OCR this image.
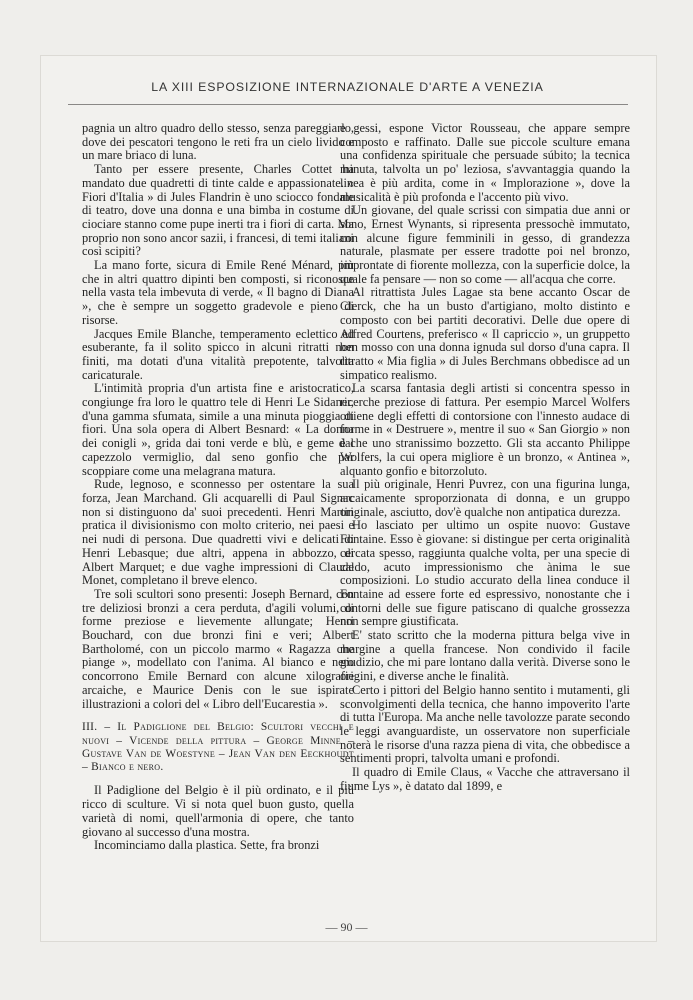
LA XIII ESPOSIZIONE INTERNAZIONALE D'ARTE A VENEZIA

pagnia un altro quadro dello stesso, senza pareggiarlo, dove dei pescatori tengono le reti fra un cielo livido e un mare briaco di luna.

Tanto per essere presente, Charles Cottet ha mandato due quadretti di tinte calde e appassionate. « Fiori d'Italia » di Jules Flandrin è uno sciocco fondale di teatro, dove una donna e una bimba in costume di ciociare stanno come pupe inerti tra i fiori di carta. Ma proprio non sono ancor sazii, i francesi, di temi italiani così scipiti?

La mano forte, sicura di Emile René Ménard, più che in altri quattro dipinti ben composti, si riconosce nella vasta tela imbevuta di verde, « Il bagno di Diana », che è sempre un soggetto gradevole e pieno di risorse.

Jacques Emile Blanche, temperamento eclettico ed esuberante, fa il solito spicco in alcuni ritratti non finiti, ma dotati d'una vitalità prepotente, talvolta caricaturale.

L'intimità propria d'un artista fine e aristocratico, congiunge fra loro le quattro tele di Henri Le Sidaner, d'una gamma sfumata, simile a una minuta pioggia di fiori. Una sola opera di Albert Besnard: « La donna dei conigli », grida dai toni verde e blù, e geme dal capezzolo vermiglio, dal seno gonfio che par scoppiare come una melagrana matura.

Rude, legnoso, e sconnesso per ostentare la sua forza, Jean Marchand. Gli acquarelli di Paul Signac non si distinguono da' suoi precedenti. Henri Martin pratica il divisionismo con molto criterio, nei paesi e nei nudi di persona. Due quadretti vivi e delicati di Henri Lebasque; due altri, appena in abbozzo, di Albert Marquet; e due vaghe impressioni di Claude Monet, completano il breve elenco.

Tre soli scultori sono presenti: Joseph Bernard, con tre deliziosi bronzi a cera perduta, d'agili volumi, di forme preziose e lievemente allungate; Henri Bouchard, con due bronzi fini e veri; Albert Bartholomé, con un piccolo marmo « Ragazza che piange », modellato con l'anima. Al bianco e nero concorrono Emile Bernard con alcune xilografie arcaiche, e Maurice Denis con le sue ispirate illustrazioni a colori del « Libro dell'Eucarestia ».

III. – Il Padiglione del Belgio: Scultori vecchi e nuovi – Vicende della pittura – George Minne – Gustave Van de Woestyne – Jean Van den Eeckhoudt – Bianco e nero.

Il Padiglione del Belgio è il più ordinato, e il più ricco di sculture. Vi si nota quel buon gusto, quella varietà di nomi, quell'armonia di opere, che tanto giovano al successo d'una mostra.

Incominciamo dalla plastica. Sette, fra bronzi

e gessi, espone Victor Rousseau, che appare sempre composto e raffinato. Dalle sue piccole sculture emana una confidenza spirituale che persuade súbito; la tecnica minuta, talvolta un po' leziosa, s'avvantaggia quando la linea è più ardita, come in « Implorazione », dove la musicalità è più profonda e l'accento più vivo.

Un giovane, del quale scrissi con simpatia due anni or sono, Ernest Wynants, si ripresenta pressochè immutato, con alcune figure femminili in gesso, di grandezza naturale, plasmate per essere tradotte poi nel bronzo, improntate di fiorente mollezza, con la superficie dolce, la quale fa pensare — non so come — all'acqua che corre.

Al ritrattista Jules Lagae sta bene accanto Oscar de Clerck, che ha un busto d'artigiano, molto distinto e composto con bei partiti decorativi. Delle due opere di Alfred Courtens, preferisco « Il capriccio », un gruppetto ben mosso con una donna ignuda sul dorso d'una capra. Il ritratto « Mia figlia » di Jules Berchmans obbedisce ad un simpatico realismo.

La scarsa fantasia degli artisti si concentra spesso in ricerche preziose di fattura. Per esempio Marcel Wolfers ottiene degli effetti di contorsione con l'innesto audace di forme in « Destruere », mentre il suo « San Giorgio » non è che uno stranissimo bozzetto. Gli sta accanto Philippe Wolfers, la cui opera migliore è un bronzo, « Antinea », alquanto gonfio e bitorzoluto.

Il più originale, Henri Puvrez, con una figurina lunga, arcaicamente sproporzionata di donna, e un gruppo originale, asciutto, dov'è qualche non antipatica durezza.

Ho lasciato per ultimo un ospite nuovo: Gustave Fontaine. Esso è giovane: si distingue per certa originalità cercata spesso, raggiunta qualche volta, per una specie di caldo, acuto impressionismo che ànima le sue composizioni. Lo studio accurato della linea conduce il Fontaine ad essere forte ed espressivo, nonostante che i contorni delle sue figure patiscano di qualche grossezza non sempre giustificata.

E' stato scritto che la moderna pittura belga vive in margine a quella francese. Non condivido il facile giudizio, che mi pare lontano dalla verità. Diverse sono le origini, e diverse anche le finalità.

Certo i pittori del Belgio hanno sentito i mutamenti, gli sconvolgimenti della tecnica, che hanno impoverito l'arte di tutta l'Europa. Ma anche nelle tavolozze parate secondo le leggi avanguardiste, un osservatore non superficiale noterà le risorse d'una razza piena di vita, che obbedisce a sentimenti propri, talvolta umani e profondi.

Il quadro di Emile Claus, « Vacche che attraversano il fiume Lys », è datato dal 1899, e

— 90 —
